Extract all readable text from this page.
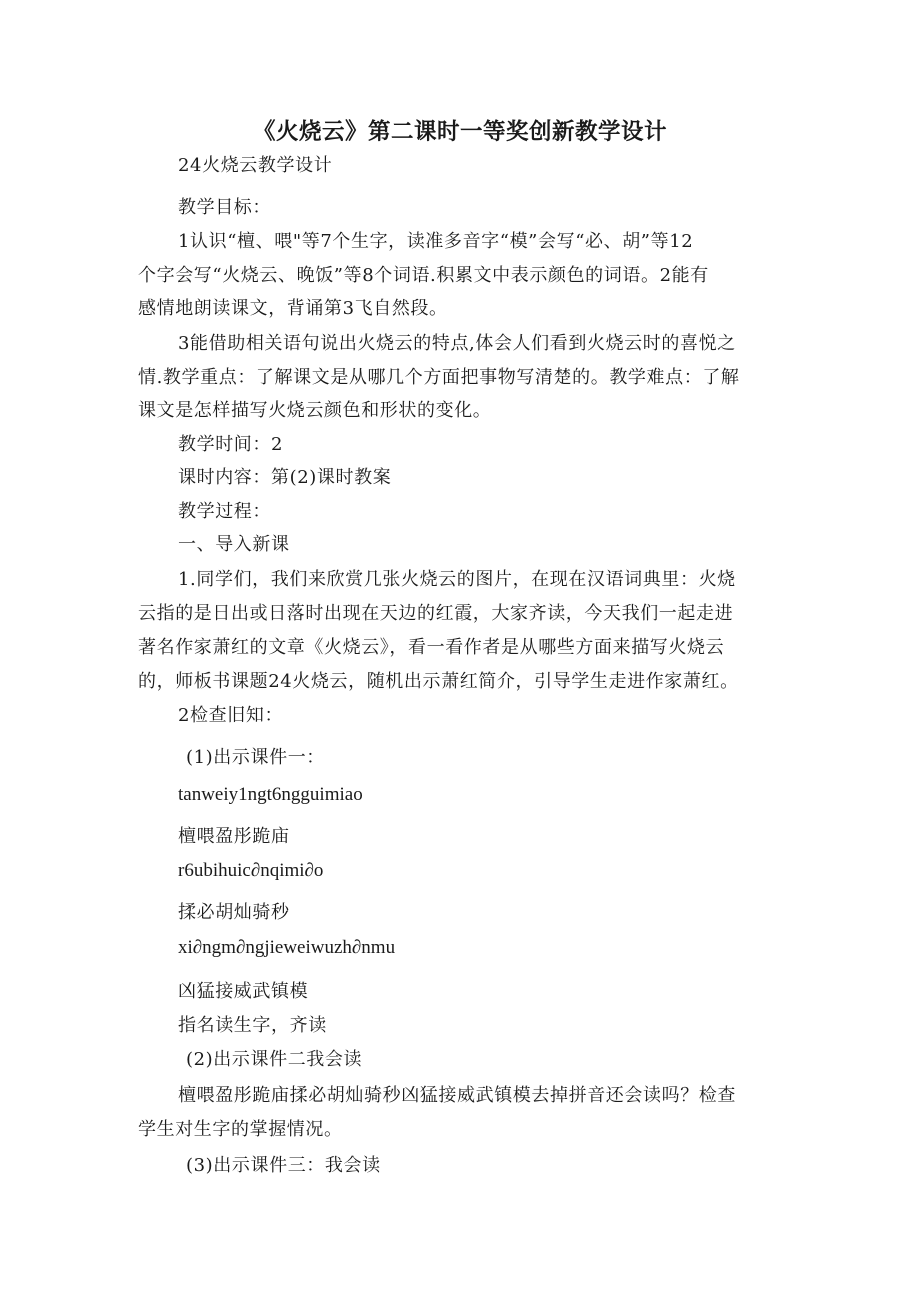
《火烧云》第二课时一等奖创新教学设计

24火烧云教学设计

教学目标：

1认识“檀、喂"等7个生字，读准多音字“模”会写“必、胡”等12

个字会写“火烧云、晚饭”等8个词语.积累文中表示颜色的词语。2能有

感情地朗读课文，背诵第3飞自然段。

3能借助相关语句说出火烧云的特点,体会人们看到火烧云时的喜悦之

情.教学重点：了解课文是从哪几个方面把事物写清楚的。教学难点：了解

课文是怎样描写火烧云颜色和形状的变化。

教学时间：2

课时内容：第(2)课时教案

教学过程：

一、导入新课

1.同学们，我们来欣赏几张火烧云的图片，在现在汉语词典里：火烧

云指的是日出或日落时出现在天边的红霞，大家齐读，今天我们一起走进

著名作家萧红的文章《火烧云》，看一看作者是从哪些方面来描写火烧云

的，师板书课题24火烧云，随机出示萧红简介，引导学生走进作家萧红。

2检查旧知：

(1)出示课件一：

tanweiy1ngt6ngguimiao

檀喂盈彤跪庙

r6ubihuic∂nqimi∂o

揉必胡灿骑秒

xi∂ngm∂ngjieweiwuzh∂nmu

凶猛接威武镇模

指名读生字，齐读

(2)出示课件二我会读

檀喂盈彤跪庙揉必胡灿骑秒凶猛接威武镇模去掉拼音还会读吗？检查

学生对生字的掌握情况。

(3)出示课件三：我会读
